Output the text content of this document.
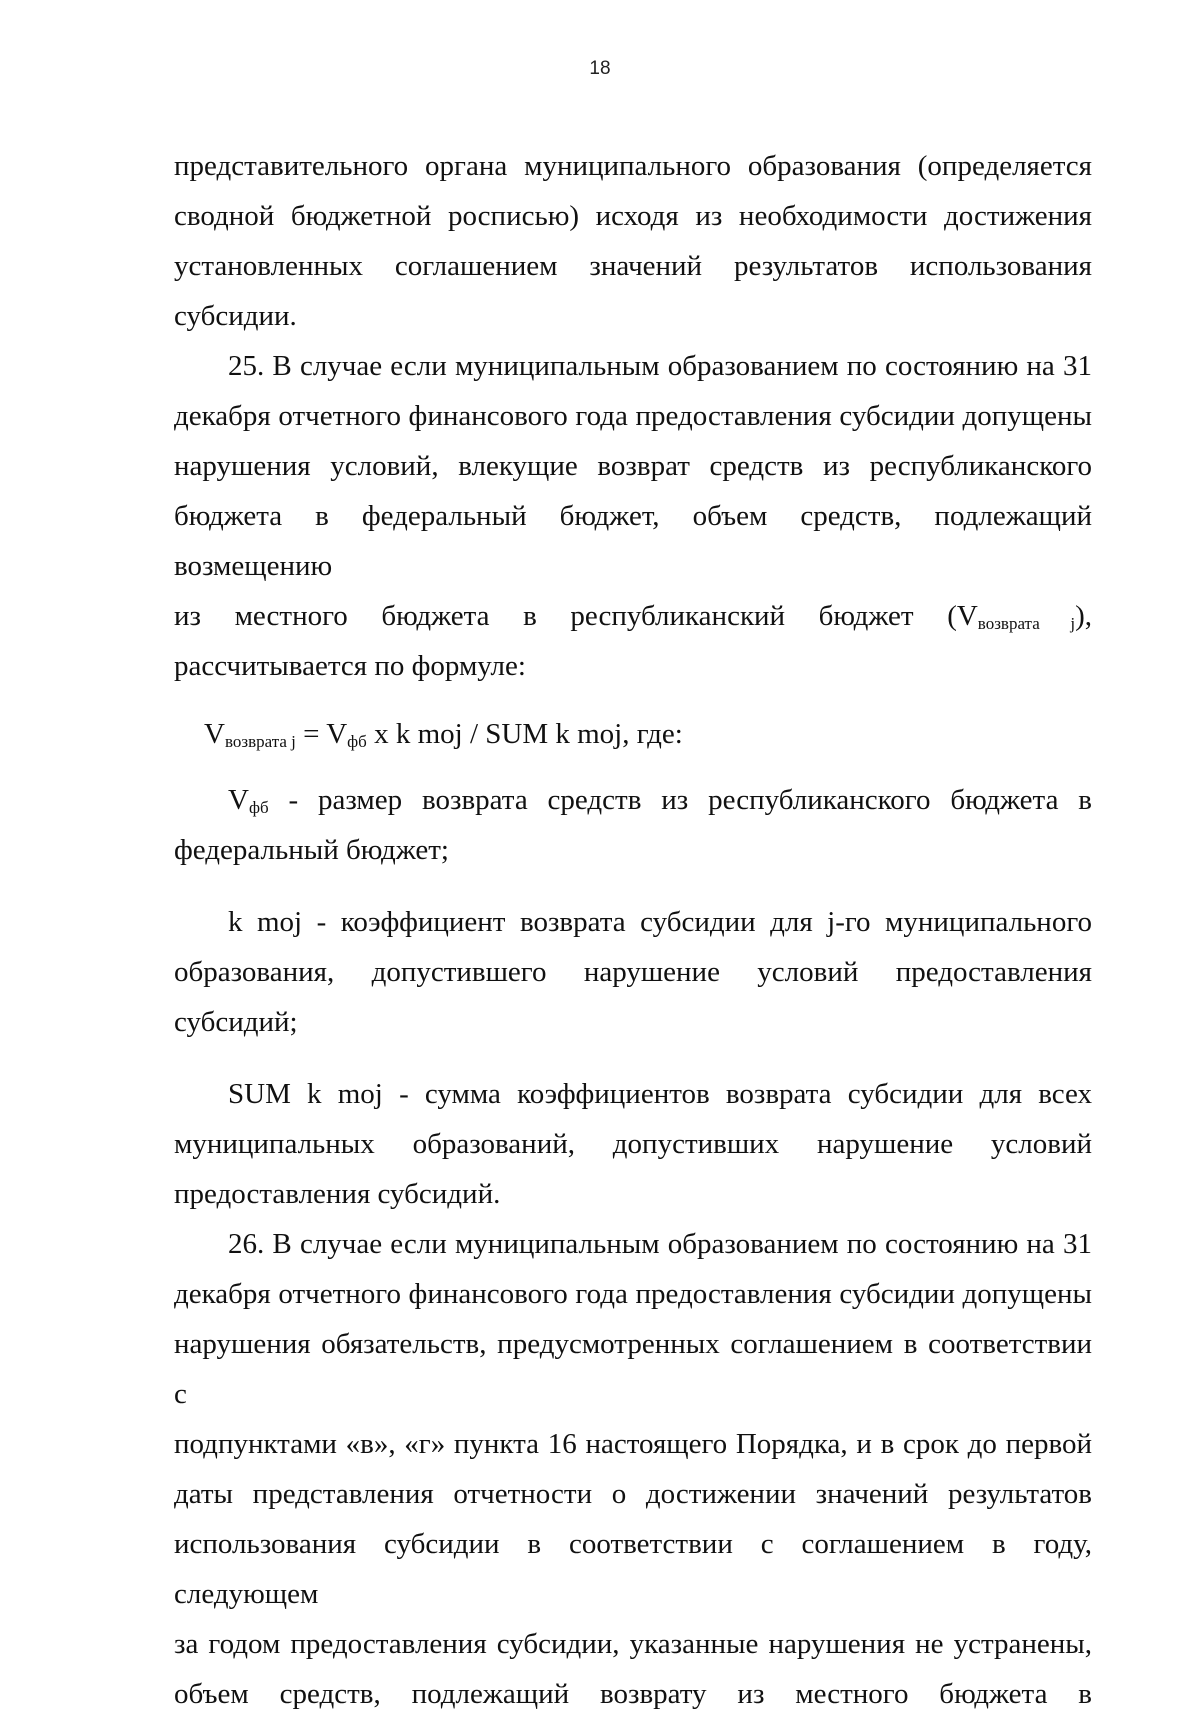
18

представительного органа муниципального образования (определяется

сводной бюджетной росписью) исходя из необходимости достижения

установленных соглашением значений результатов использования

субсидии.

25. В случае если муниципальным образованием по состоянию на 31

декабря отчетного финансового года предоставления субсидии допущены

нарушения условий, влекущие возврат средств из республиканского

бюджета в федеральный бюджет, объем средств, подлежащий возмещению

из местного бюджета в республиканский бюджет $(V_{возврата j})$,

рассчитывается по формуле:

$V_{возврата j} = V_{фб}$ x k moj / SUM k moj, где:

$V_{фб}$ - размер возврата средств из республиканского бюджета в

федеральный бюджет;

k moj - коэффициент возврата субсидии для j-го муниципального

образования, допустившего нарушение условий предоставления субсидий;

SUM k moj - сумма коэффициентов возврата субсидии для всех

муниципальных образований, допустивших нарушение условий

предоставления субсидий.

26. В случае если муниципальным образованием по состоянию на 31

декабря отчетного финансового года предоставления субсидии допущены

нарушения обязательств, предусмотренных соглашением в соответствии с

подпунктами «в», «г» пункта 16 настоящего Порядка, и в срок до первой

даты представления отчетности о достижении значений результатов

использования субсидии в соответствии с соглашением в году, следующем

за годом предоставления субсидии, указанные нарушения не устранены,

объем средств, подлежащий возврату из местного бюджета в
